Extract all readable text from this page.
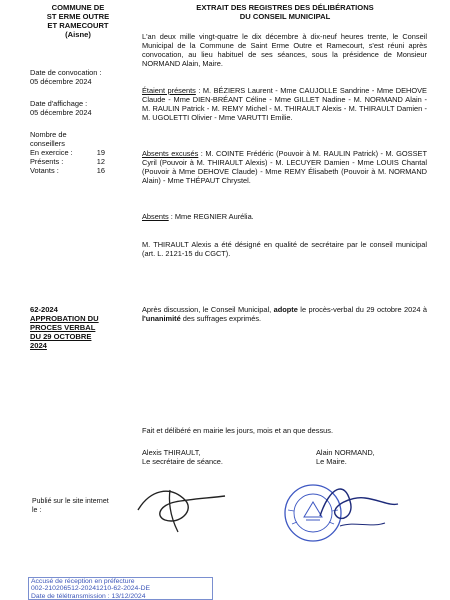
COMMUNE DE
ST ERME OUTRE
ET RAMECOURT
(Aisne)
EXTRAIT DES REGISTRES DES DÉLIBÉRATIONS
DU CONSEIL MUNICIPAL
Date de convocation :
05 décembre 2024
Date d'affichage :
05 décembre 2024
Nombre de
conseillers
En exercice :	19
Présents :	12
Votants :	16
L'an deux mille vingt-quatre le dix décembre à dix-neuf heures trente, le Conseil Municipal de la Commune de Saint Erme Outre et Ramecourt, s'est réuni après convocation, au lieu habituel de ses séances, sous la présidence de Monsieur NORMAND Alain, Maire.
Étaient présents : M. BÉZIERS Laurent - Mme CAUJOLLE Sandrine - Mme DEHOVE Claude - Mme DIEN-BRÉANT Céline - Mme GILLET Nadine - M. NORMAND Alain - M. RAULIN Patrick - M. REMY Michel - M. THIRAULT Alexis - M. THIRAULT Damien - M. UGOLETTI Olivier - Mme VARUTTI Emilie.
Absents excusés : M. COINTE Frédéric (Pouvoir à M. RAULIN Patrick) - M. GOSSET Cyril (Pouvoir à M. THIRAULT Alexis) - M. LECUYER Damien - Mme LOUIS Chantal (Pouvoir à Mme DEHOVE Claude) - Mme REMY Élisabeth (Pouvoir à M. NORMAND Alain) - Mme THÉPAUT Chrystel.
Absents : Mme REGNIER Aurélia.
M. THIRAULT Alexis a été désigné en qualité de secrétaire par le conseil municipal (art. L. 2121-15 du CGCT).
62-2024
APPROBATION DU
PROCES VERBAL
DU 29 OCTOBRE
2024
Après discussion, le Conseil Municipal, adopte le procès-verbal du 29 octobre 2024 à l'unanimité des suffrages exprimés.
Fait et délibéré en mairie les jours, mois et an que dessus.
Alexis THIRAULT,
Le secrétaire de séance.
Alain NORMAND,
Le Maire.
Publié sur le site internet
le :
Accusé de réception en préfecture
002-210206512-20241210-62-2024-DE
Date de télétransmission : 13/12/2024
